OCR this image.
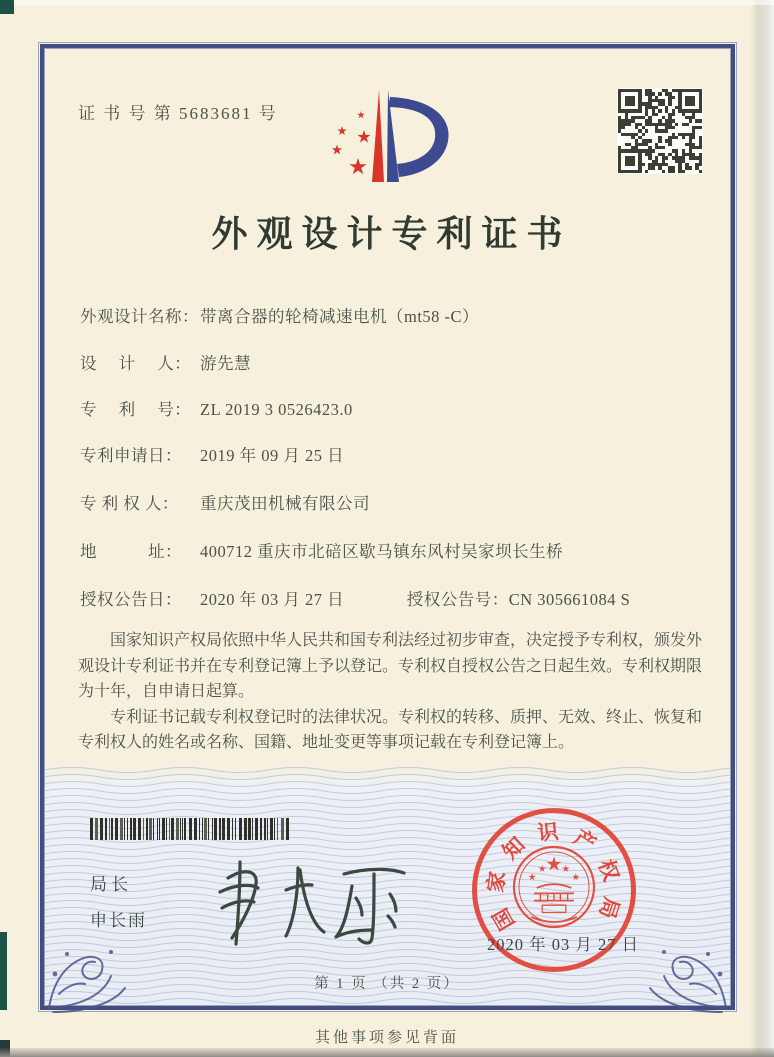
证 书 号 第 5683681 号
外观设计专利证书
外观设计名称：带离合器的轮椅减速电机（mt58 -C）
设　 计　 人： 游先慧
专　 利　 号： ZL 2019 3 0526423.0
专利申请日： 2019 年 09 月 25 日
专 利 权 人： 重庆茂田机械有限公司
地　　　址： 400712 重庆市北碚区歇马镇东风村吴家坝长生桥
授权公告日： 2020 年 03 月 27 日	授权公告号：CN 305661084 S

国家知识产权局依照中华人民共和国专利法经过初步审查，决定授予专利权，颁发外观设计专利证书并在专利登记簿上予以登记。专利权自授权公告之日起生效。专利权期限为十年，自申请日起算。

专利证书记载专利权登记时的法律状况。专利权的转移、质押、无效、终止、恢复和专利权人的姓名或名称、国籍、地址变更等事项记载在专利登记簿上。

局长
申长雨	国
家
知
识 产
权
局
2020 年 03 月 27 日
第 1 页 （共 2 页）
其他事项参见背面
